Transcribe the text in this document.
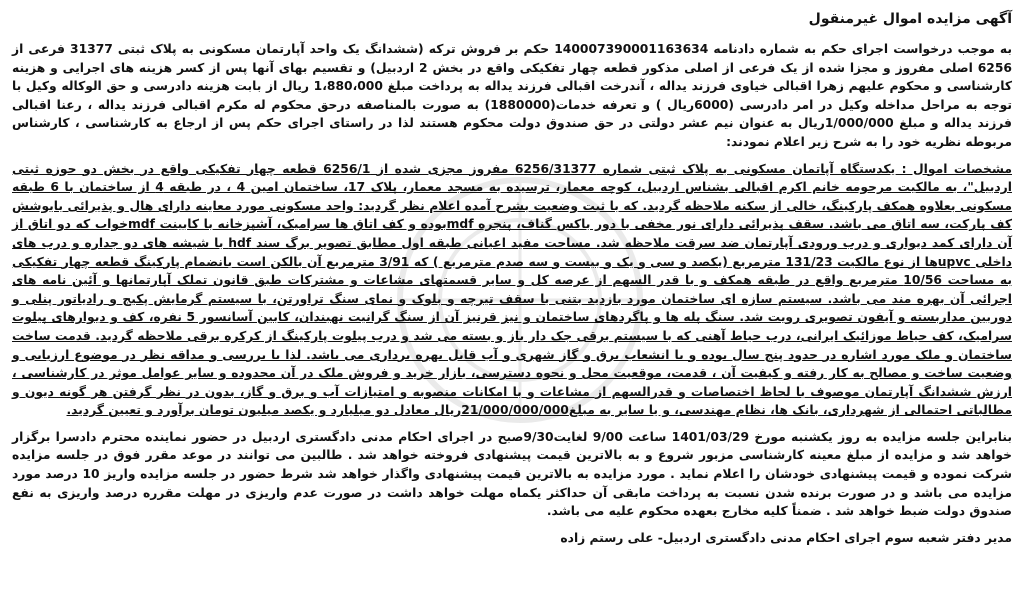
آگهی مزایده اموال غیرمنقول

به موجب درخواست اجرای حکم به شماره دادنامه 140007390001163634 حکم بر فروش ترکه (ششدانگ یک واحد آپارتمان مسکونی به پلاک ثبتی 31377 فرعی از 6256 اصلی مفروز و مجزا شده از یک فرعی از اصلی مذکور قطعه چهار تفکیکی واقع در بخش 2 اردبیل) و تقسیم بهای آنها پس از کسر هزینه های اجرایی و هزینه کارشناسی و محکوم علیهم زهرا اقبالی خیاوی فرزند یداله ، آندرخت اقبالی فرزند یداله به پرداخت مبلغ 1،880،000 ریال از بابت هزینه دادرسی و حق الوکاله وکیل با توجه به مراحل مداخله وکیل در امر دادرسی (6000ریال ) و تعرفه خدمات(1880000) به صورت بالمناصفه درحق محکوم له مکرم اقبالی فرزند یداله ، رعنا اقبالی فرزند یداله و مبلغ 1/000/000ریال به عنوان نیم عشر دولتی در حق صندوق دولت محکوم هستند لذا در راستای اجرای حکم پس از ارجاع به کارشناسی ، کارشناس مربوطه نظریه خود را به شرح زیر اعلام نمودند:

مشخصات اموال : یکدستگاه آپاتمان مسکونی به پلاک ثبتی شماره 6256/31377 مفروز مجزی شده از 6256/1 قطعه چهار تفکیکی واقع در بخش دو حوزه ثبتی اردبیل"، به مالکیت مرحومه خانم اکرم اقبالی بشناس اردبیل، کوچه معمار، ترسیده به مسجد معمار، پلاک 17، ساختمان امین 4 ، در طبقه 4 از ساختمان با 6 طبقه مسکونی بعلاوه همکف پارکینگ، خالی از سکنه ملاحظه گردید. که با ثبت وضعیت بشرح آمده اعلام نظر گردید: واحد مسکونی مورد معاینه دارای هال و پذیرائی بایوشش کف پارکت، سه اتاق می باشد. سقف پذیرائی دارای نور مخفی با دور باکس گناف، پنجره mdfبوده و کف اتاق ها سرامیک، آشپزخانه با کابینت mdfخواب که دو اتاق از آن دارای کمد دیواری و درب ورودی آپارتمان ضد سرقت ملاحظه شد. مساحت مفید اعیانی طبقه اول مطابق تصویر برگ سند hdf با شیشه های دو جداره و درب های داخلی upvcها از نوع مالکیت 131/23 مترمربع (یکصد و سی و یک و بیست و سه صدم مترمربع ) که 3/91 مترمربع آن بالکن است بانضمام پارکینگ قطعه چهار تفکیکی به مساحت 10/56 مترمربع واقع در طبقه همکف و با قدر السهم از عرصه کل و سایر قسمتهای مشاعات و مشترکات طبق قانون تملک آپارتمانها و آئین نامه های اجرائی آن بهره مند می باشد. سیستم سازه ای ساختمان مورد بازدید بتنی با سقف تیرچه و بلوک و نمای سنگ تراورتن، با سیستم گرمایش پکیج و رادیاتور پنلی و دوربین مداربسته و آیفون تصویری رویت شد. سنگ پله ها و پاگردهای ساختمان و نیز قرنیز آن از سنگ گرانیت نهبندان، کابین آسانسور 5 نفره، کف و دیوارهای پیلوت سرامیک، کف حیاط موزائیک ایرانی، درب حیاط آهنی که با سیستم برقی جک دار باز و بسته می شد و درب پیلوت پارکینگ از کرکره برقی ملاحظه گردید. قدمت ساخت ساختمان و ملک مورد اشاره در حدود پنج سال بوده و با انشعاب برق و گاز شهری و آب قابل بهره برداری می باشد. لذا با بررسی و مداقه نظر در موضوع ارزیابی و وضعیت ساخت و مصالح به کار رفته و کیفیت آن ، قدمت، موقعیت محل و نحوه دسترسی، بازار خرید و فروش ملک در آن محدوده و سایر عوامل موثر در کارشناسی ، ارزش ششدانگ آپارتمان موصوف با لحاظ اختصاصات و قدرالسهم از مشاعات و با امکانات منصوبه و امتیازات آب و برق و گاز، بدون در نظر گرفتن هر گونه دیون و مطالباتی احتمالی از شهرداری، بانک ها، نظام مهندسی، و یا سایر به مبلغ21/000/000/000ریال معادل دو میلیارد و یکصد میلیون تومان برآورد و تعیین گردید.

بنابراین جلسه مزایده به روز یکشنبه مورخ 1401/03/29 ساعت 9/00 لغایت9/30صبح در اجرای احکام مدنی دادگستری اردبیل در حضور نماینده محترم دادسرا برگزار خواهد شد و مزایده از مبلغ معینه کارشناسی مزبور شروع و به بالاترین قیمت پیشنهادی فروخته خواهد شد . طالبین می توانند در موعد مقرر فوق در جلسه مزایده شرکت نموده و قیمت پیشنهادی خودشان را اعلام نماید . مورد مزایده به بالاترین قیمت پیشنهادی واگذار خواهد شد شرط حضور در جلسه مزایده واریز 10 درصد مورد مزایده می باشد و در صورت برنده شدن نسبت به پرداخت مابقی آن حداکثر یکماه مهلت خواهد داشت در صورت عدم واریزی در مهلت مقرره درصد واریزی به نفع صندوق دولت ضبط خواهد شد . ضمناً کلیه مخارج بعهده محکوم علیه می باشد.

مدیر دفتر شعبه سوم اجرای احکام مدنی دادگستری اردبیل- علی رستم زاده
